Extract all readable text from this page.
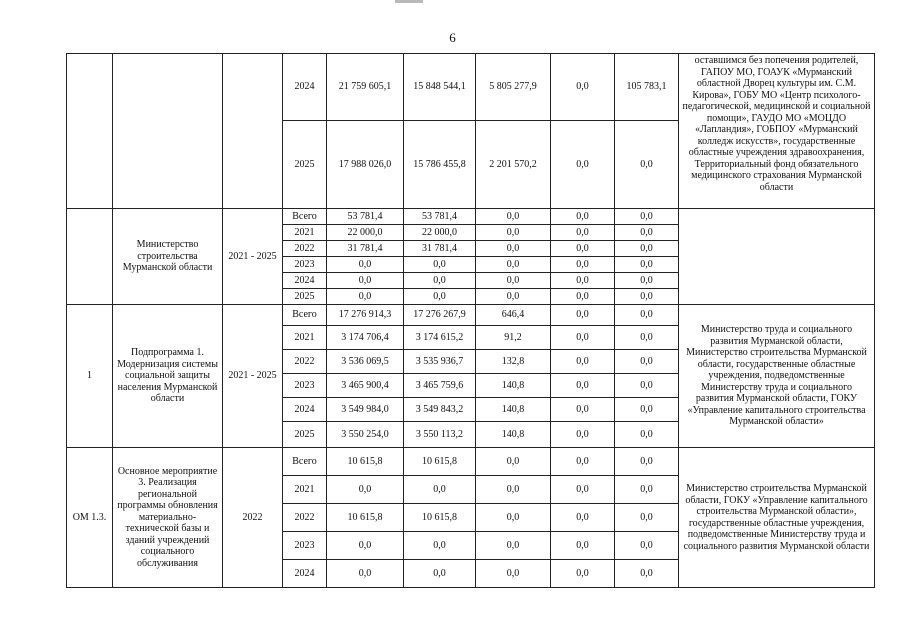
6
			2024	21 759 605,1	15 848 544,1	5 805 277,9	0,0	105 783,1	оставшимся без попечения родителей, ГАПОУ МО, ГОАУК «Мурманский областной Дворец культуры им. С.М. Кирова», ГОБУ МО «Центр психолого-педагогической, медицинской и социальной помощи», ГАУДО МО «МОЦДО «Лапландия», ГОБПОУ «Мурманский колледж искусств», государственные областные учреждения здравоохранения, Территориальный фонд обязательного медицинского страхования Мурманской области
			2025	17 988 026,0	15 786 455,8	2 201 570,2	0,0	0,0	
	Министерство строительства Мурманской области	2021 - 2025	Всего	53 781,4	53 781,4	0,0	0,0	0,0	
			2021	22 000,0	22 000,0	0,0	0,0	0,0	
			2022	31 781,4	31 781,4	0,0	0,0	0,0	
			2023	0,0	0,0	0,0	0,0	0,0	
			2024	0,0	0,0	0,0	0,0	0,0	
			2025	0,0	0,0	0,0	0,0	0,0	
1	Подпрограмма 1. Модернизация системы социальной защиты населения Мурманской области	2021 - 2025	Всего	17 276 914,3	17 276 267,9	646,4	0,0	0,0	Министерство труда и социального развития Мурманской области, Министерство строительства Мурманской области, государственные областные учреждения, подведомственные Министерству труда и социального развития Мурманской области, ГОКУ «Управление капитального строительства Мурманской области»
			2021	3 174 706,4	3 174 615,2	91,2	0,0	0,0	
			2022	3 536 069,5	3 535 936,7	132,8	0,0	0,0	
			2023	3 465 900,4	3 465 759,6	140,8	0,0	0,0	
			2024	3 549 984,0	3 549 843,2	140,8	0,0	0,0	
			2025	3 550 254,0	3 550 113,2	140,8	0,0	0,0	
ОМ 1.3.	Основное мероприятие 3. Реализация региональной программы обновления материально-технической базы и зданий учреждений социального обслуживания	2022	Всего	10 615,8	10 615,8	0,0	0,0	0,0	Министерство строительства Мурманской области, ГОКУ «Управление капитального строительства Мурманской области», государственные областные учреждения, подведомственные Министерству труда и социального развития Мурманской области
			2021	0,0	0,0	0,0	0,0	0,0	
			2022	10 615,8	10 615,8	0,0	0,0	0,0	
			2023	0,0	0,0	0,0	0,0	0,0	
			2024	0,0	0,0	0,0	0,0	0,0	
